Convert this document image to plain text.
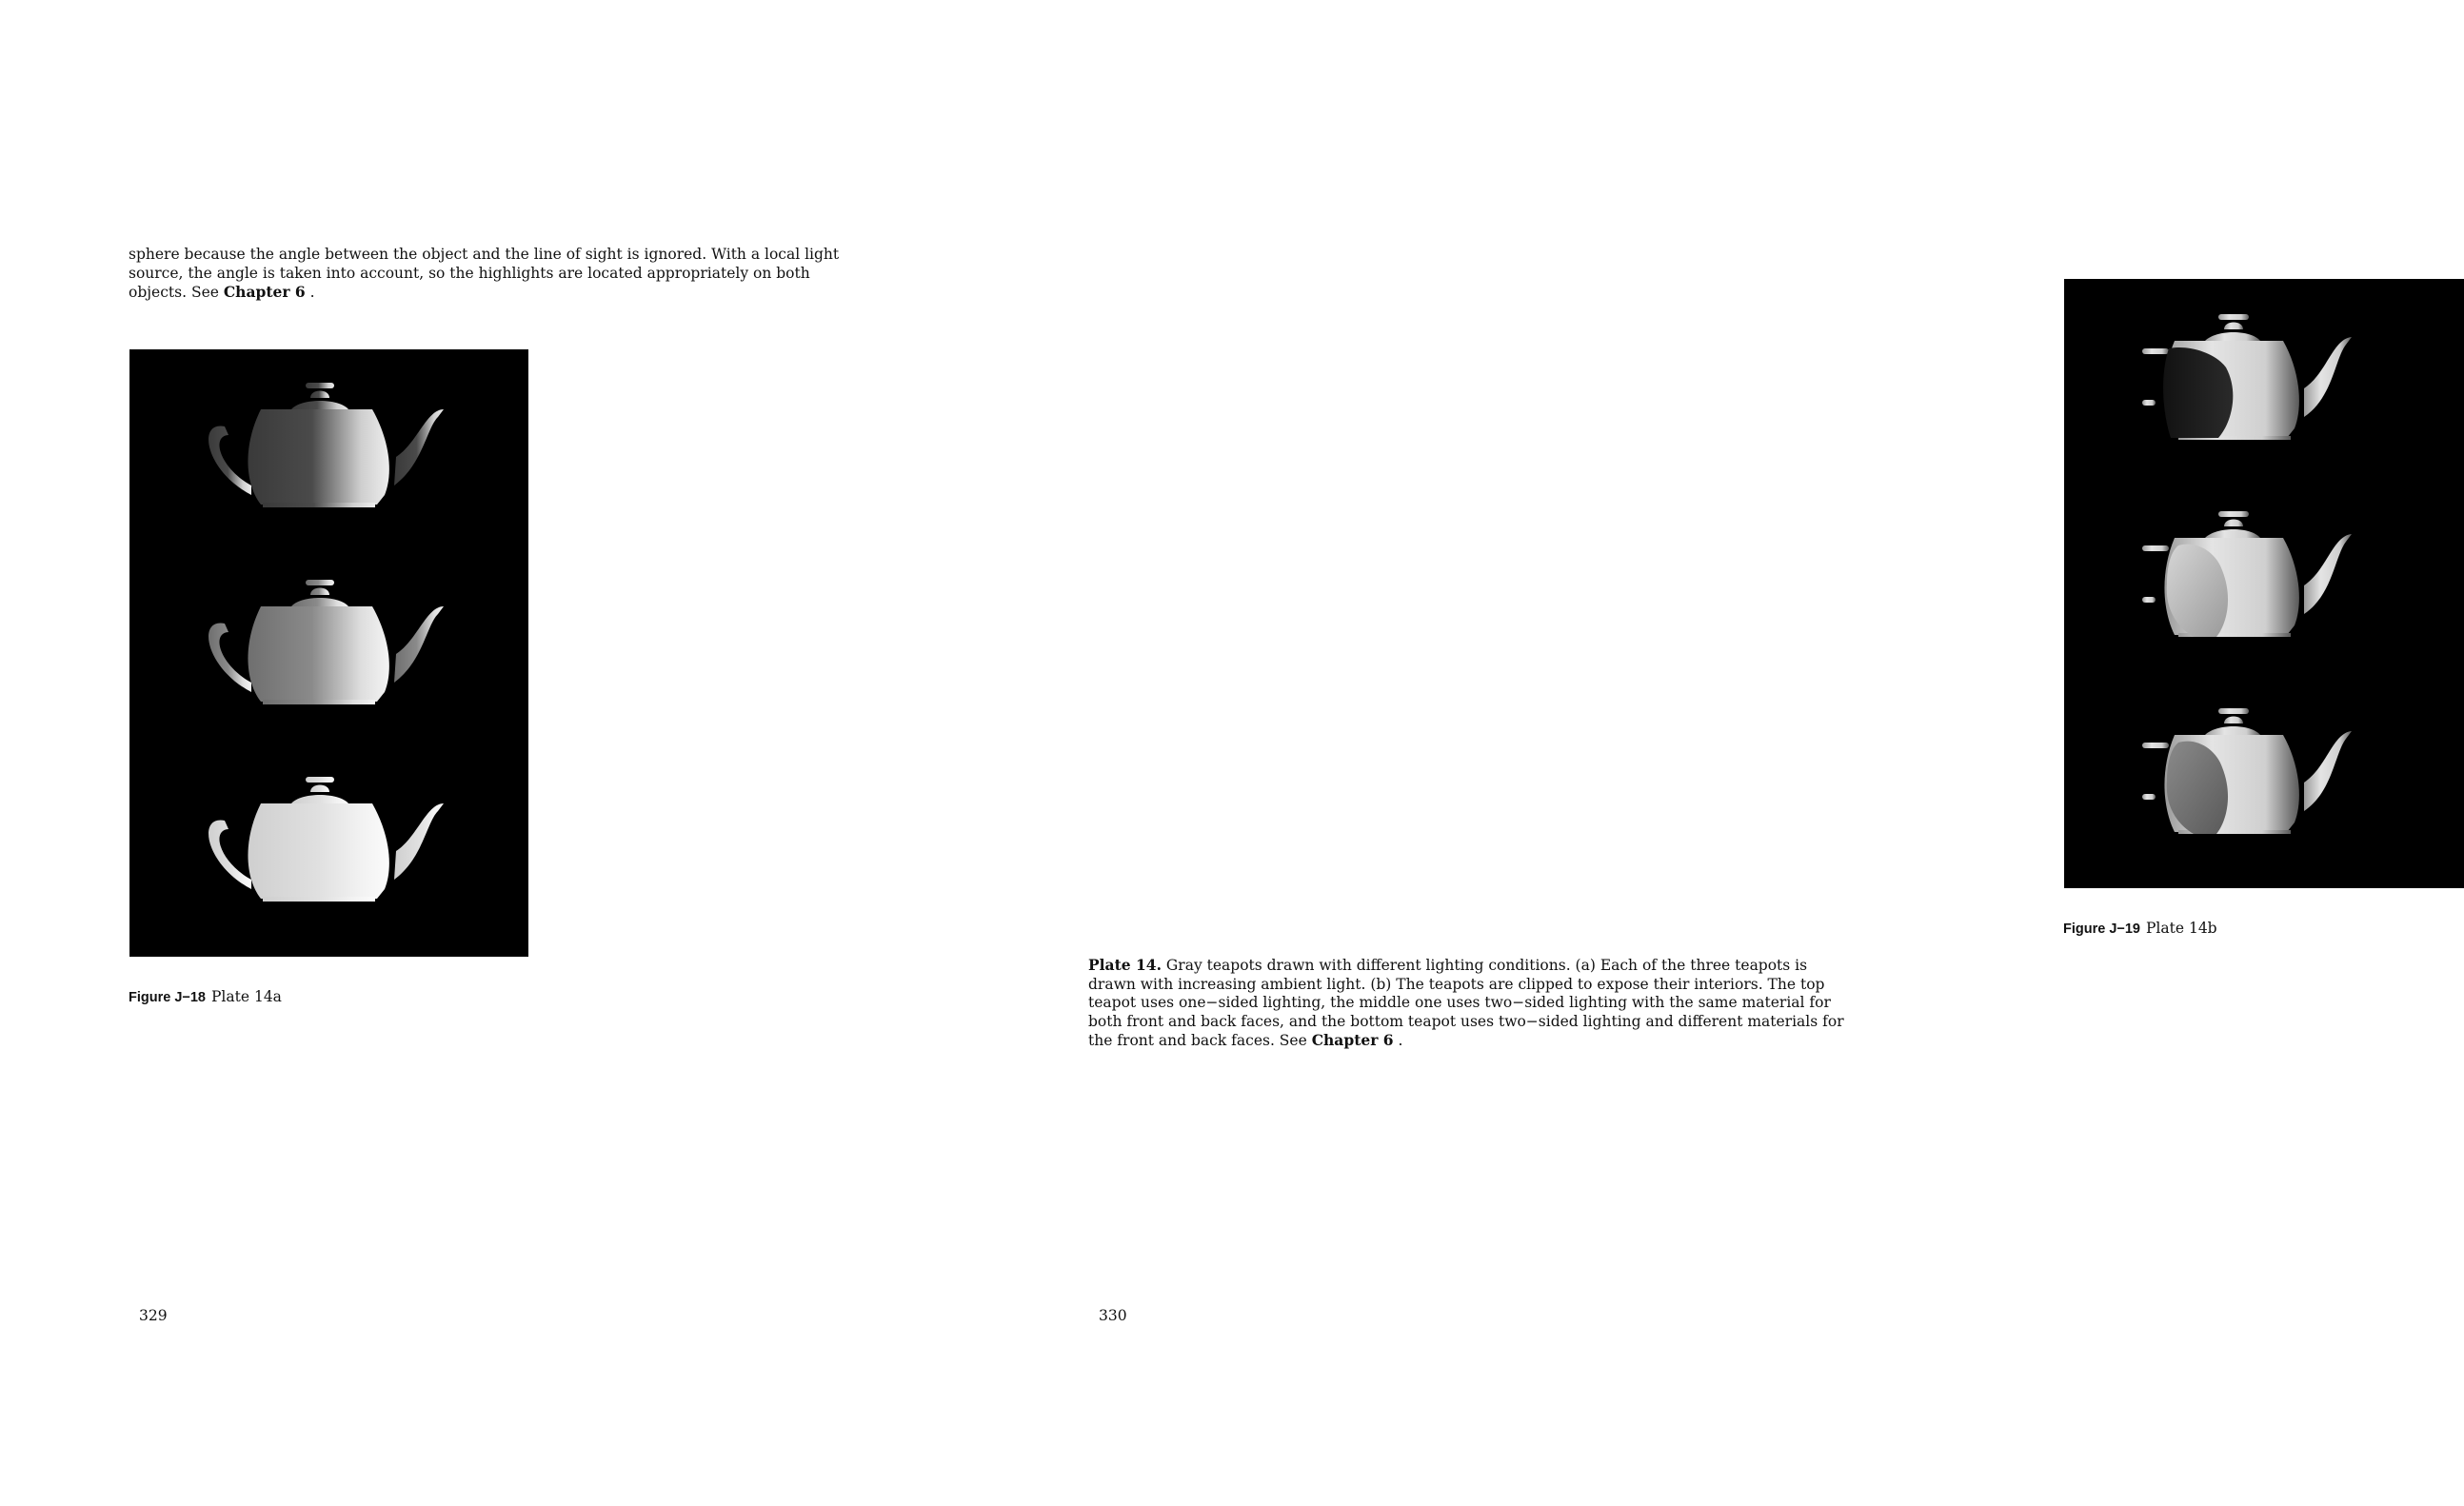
sphere because the angle between the object and the line of sight is ignored. With a local light source, the angle is taken into account, so the highlights are located appropriately on both objects. See Chapter 6 .

Figure J−18 Plate 14a
329
Figure J−19 Plate 14b

Plate 14. Gray teapots drawn with different lighting conditions. (a) Each of the three teapots is drawn with increasing ambient light. (b) The teapots are clipped to expose their interiors. The top teapot uses one−sided lighting, the middle one uses two−sided lighting with the same material for both front and back faces, and the bottom teapot uses two−sided lighting and different materials for the front and back faces. See Chapter 6 .

330
